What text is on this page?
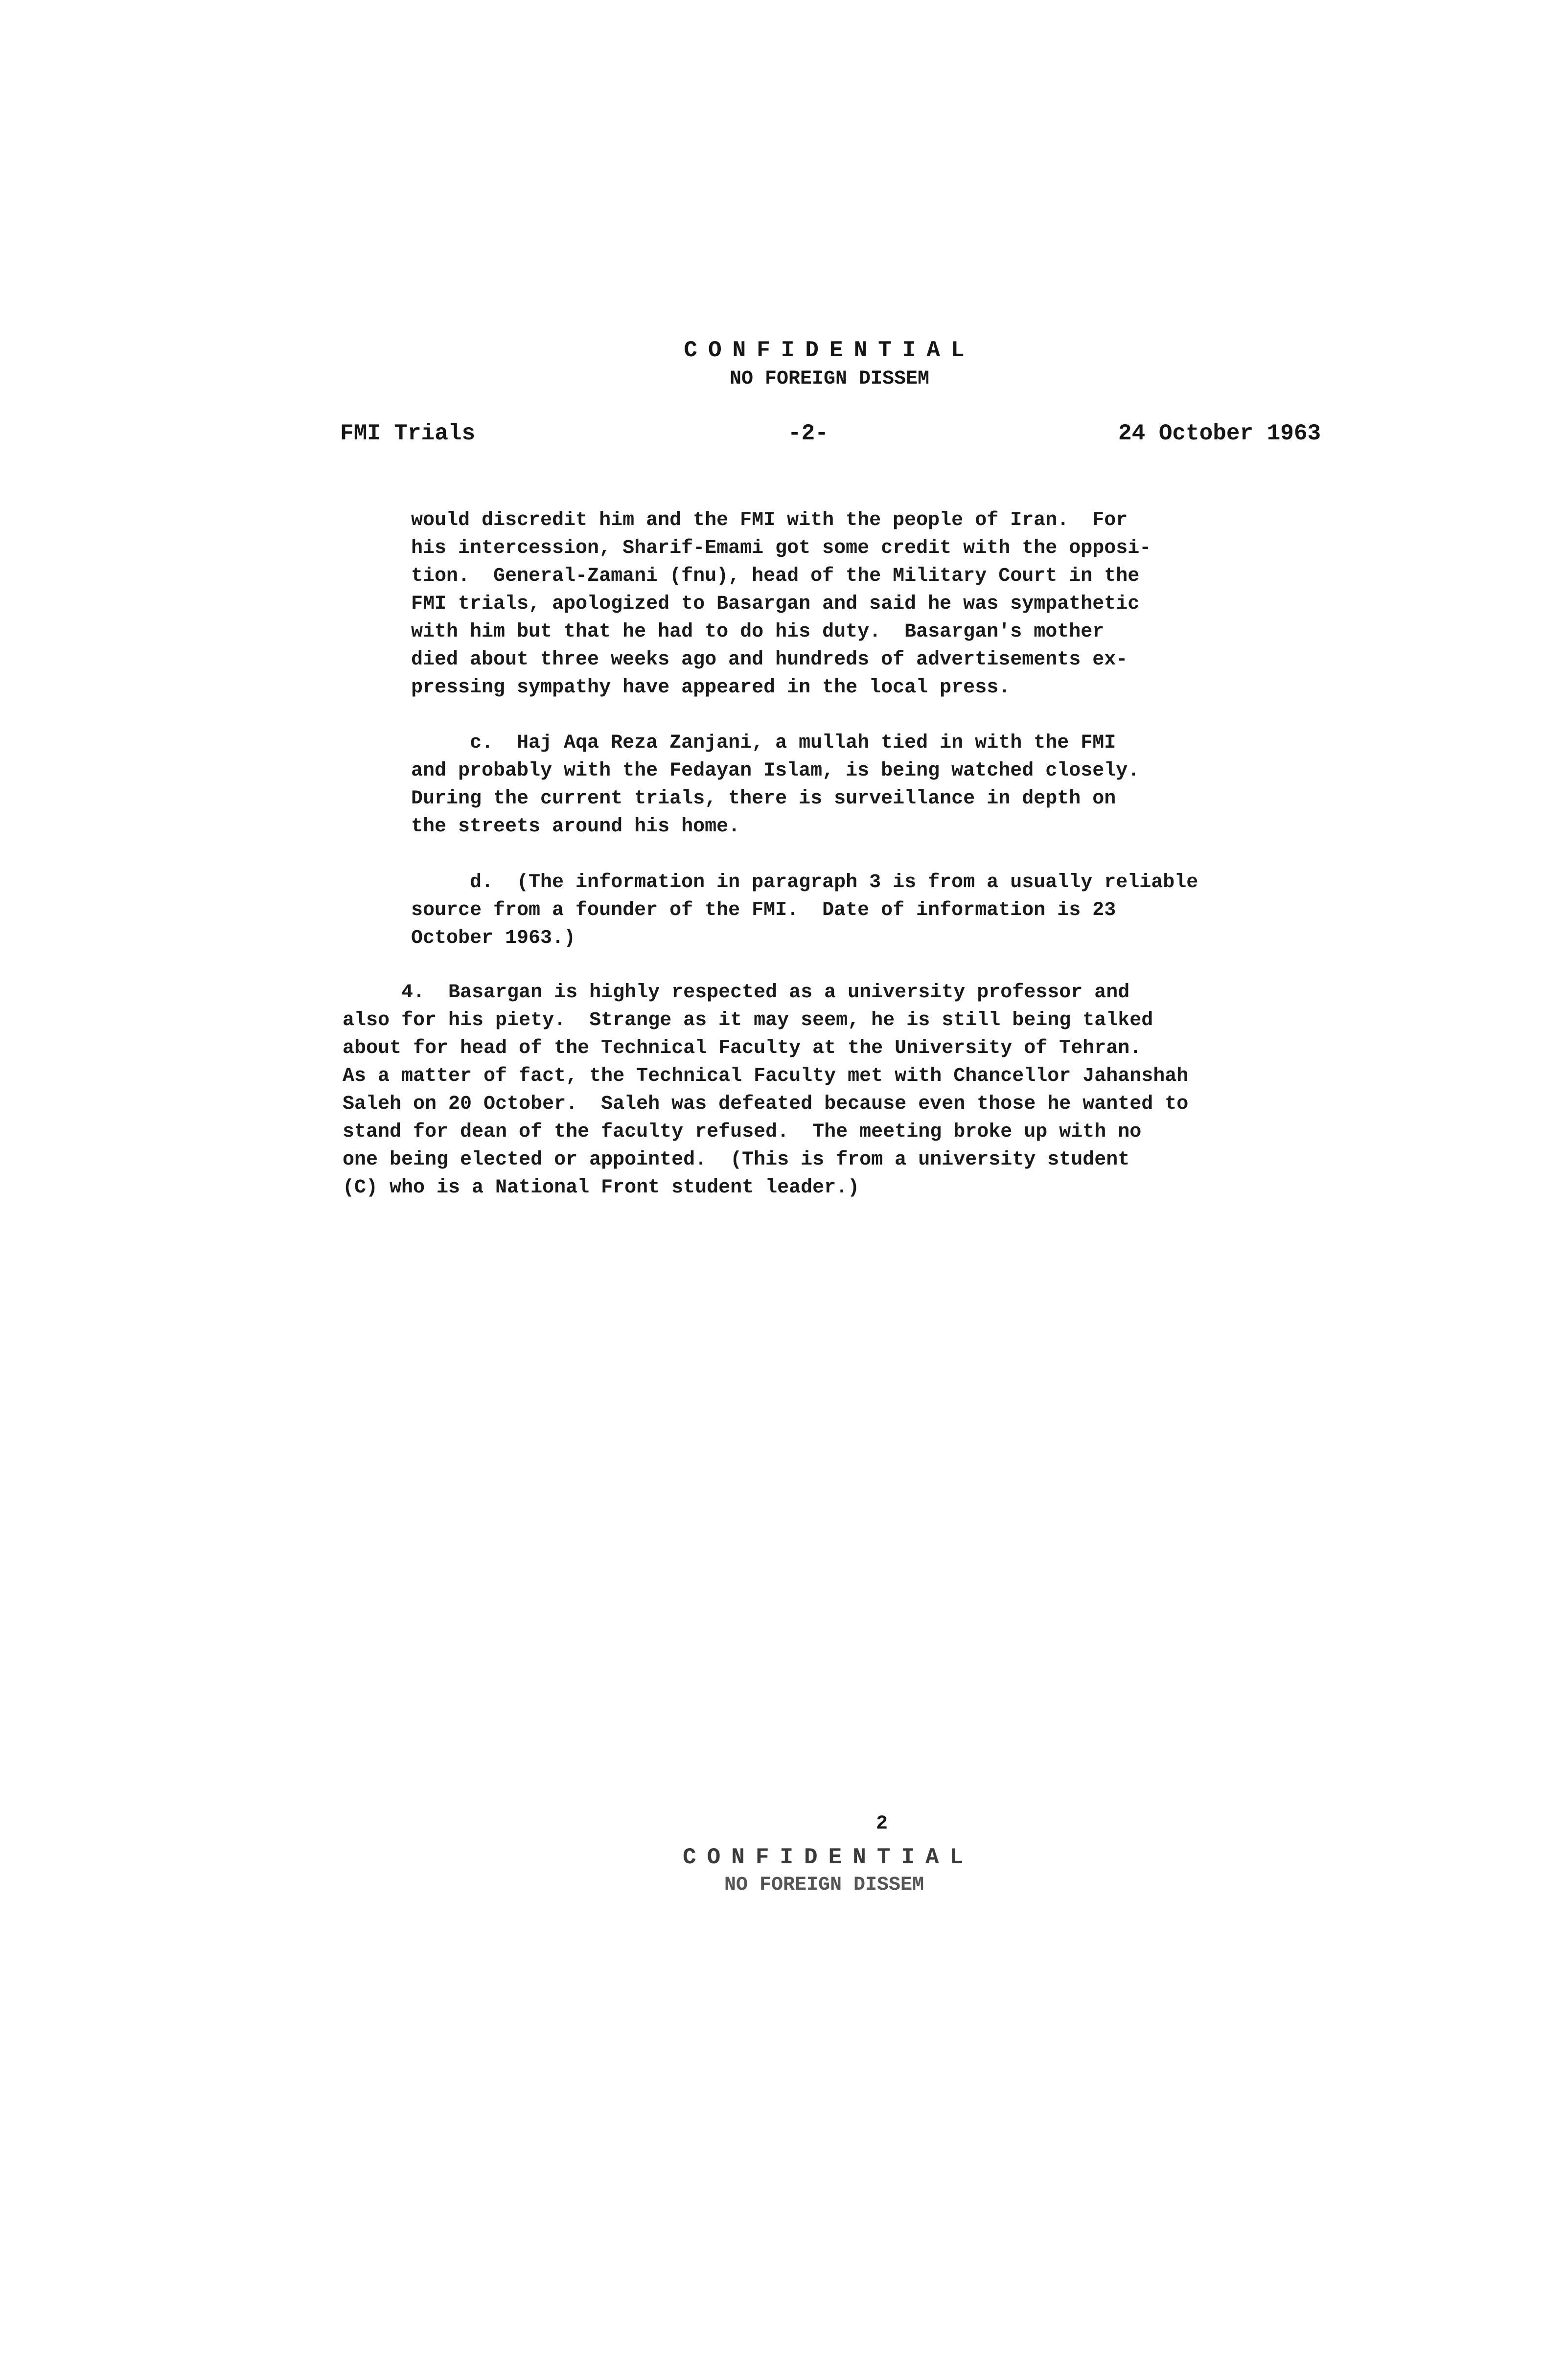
CONFIDENTIAL
NO FOREIGN DISSEM
FMI Trials	-2-	24 October 1963
would discredit him and the FMI with the people of Iran.  For
his intercession, Sharif-Emami got some credit with the opposi-
tion.  General-Zamani (fnu), head of the Military Court in the
FMI trials, apologized to Basargan and said he was sympathetic
with him but that he had to do his duty.  Basargan's mother
died about three weeks ago and hundreds of advertisements ex-
pressing sympathy have appeared in the local press.
c.  Haj Aqa Reza Zanjani, a mullah tied in with the FMI
and probably with the Fedayan Islam, is being watched closely.
During the current trials, there is surveillance in depth on
the streets around his home.
d.  (The information in paragraph 3 is from a usually reliable
source from a founder of the FMI.  Date of information is 23
October 1963.)
4.  Basargan is highly respected as a university professor and
also for his piety.  Strange as it may seem, he is still being talked
about for head of the Technical Faculty at the University of Tehran.
As a matter of fact, the Technical Faculty met with Chancellor Jahanshah
Saleh on 20 October.  Saleh was defeated because even those he wanted to
stand for dean of the faculty refused.  The meeting broke up with no
one being elected or appointed.  (This is from a university student
(C) who is a National Front student leader.)
2
CONFIDENTIAL
NO FOREIGN DISSEM
